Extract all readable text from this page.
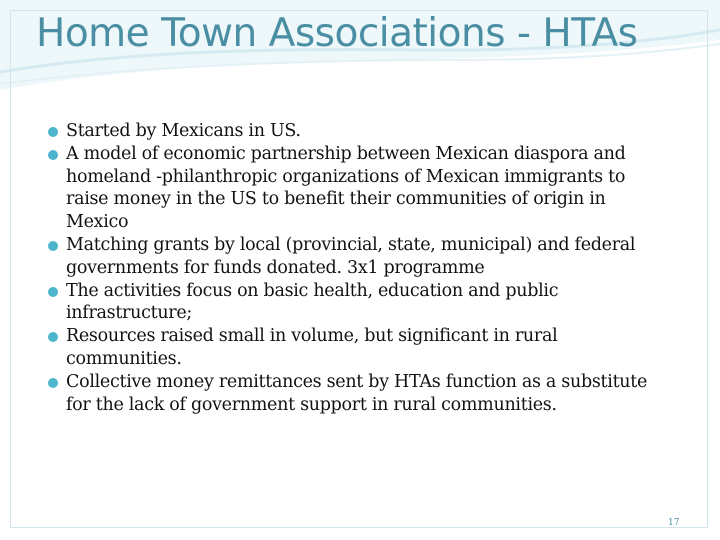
Home Town Associations - HTAs
Started by Mexicans in US.
A model of economic partnership between Mexican diaspora and homeland -philanthropic organizations of Mexican immigrants to raise money in the US to benefit their communities of origin in Mexico
Matching grants by local (provincial, state, municipal) and federal governments for funds donated. 3x1 programme
The activities focus on basic health, education and public infrastructure;
Resources raised small in volume, but significant in rural communities.
Collective money remittances sent by HTAs function as a substitute for the lack of government support in rural communities.
17
